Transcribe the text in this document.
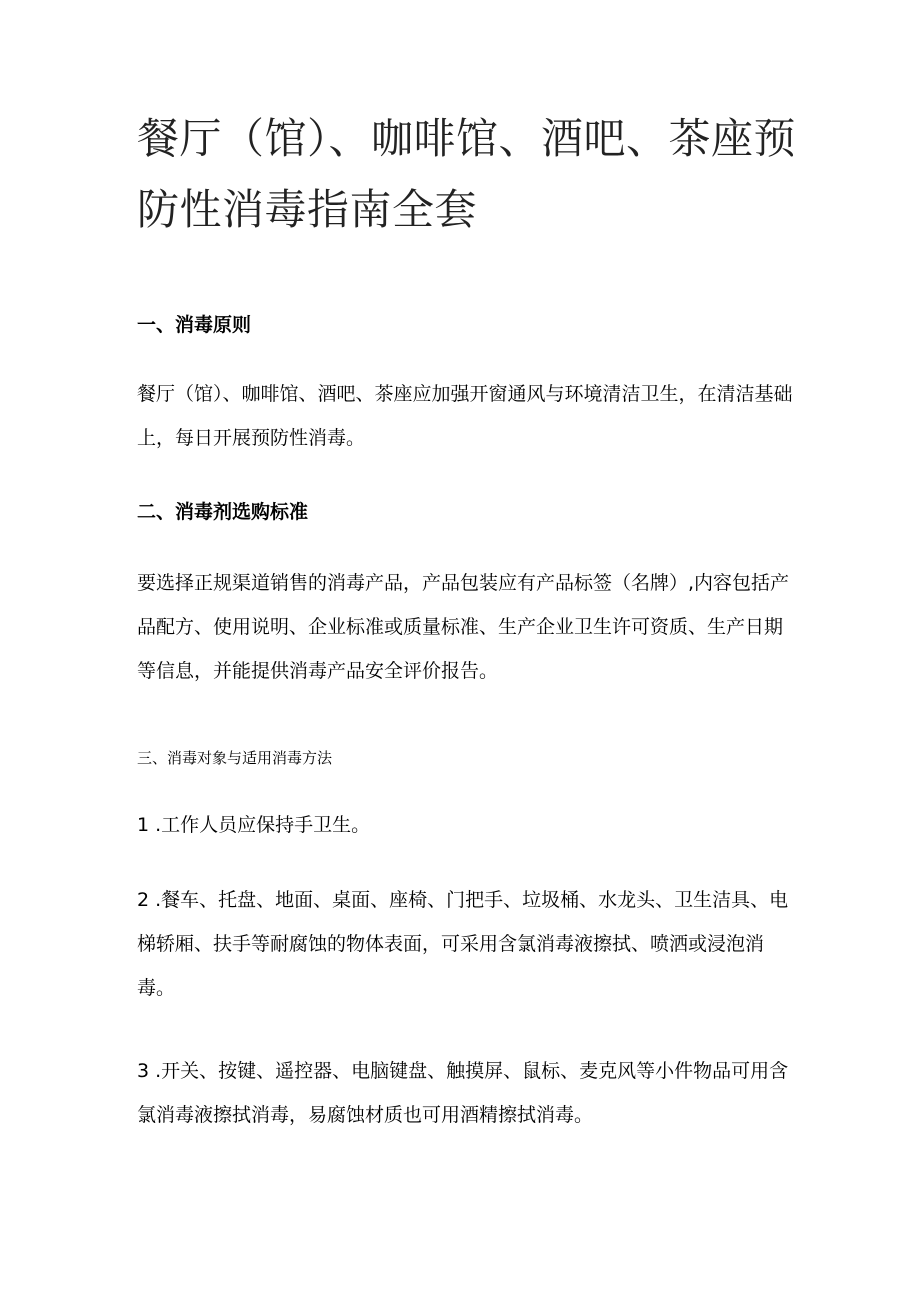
餐厅（馆）、咖啡馆、酒吧、茶座预防性消毒指南全套
一、消毒原则

餐厅（馆）、咖啡馆、酒吧、茶座应加强开窗通风与环境清洁卫生，在清洁基础上，每日开展预防性消毒。

二、消毒剂选购标准

要选择正规渠道销售的消毒产品，产品包装应有产品标签（名牌）,内容包括产品配方、使用说明、企业标准或质量标准、生产企业卫生许可资质、生产日期等信息，并能提供消毒产品安全评价报告。

三、消毒对象与适用消毒方法

1 .工作人员应保持手卫生。

2 .餐车、托盘、地面、桌面、座椅、门把手、垃圾桶、水龙头、卫生洁具、电梯轿厢、扶手等耐腐蚀的物体表面，可采用含氯消毒液擦拭、喷洒或浸泡消毒。

3 .开关、按键、遥控器、电脑键盘、触摸屏、鼠标、麦克风等小件物品可用含氯消毒液擦拭消毒，易腐蚀材质也可用酒精擦拭消毒。
